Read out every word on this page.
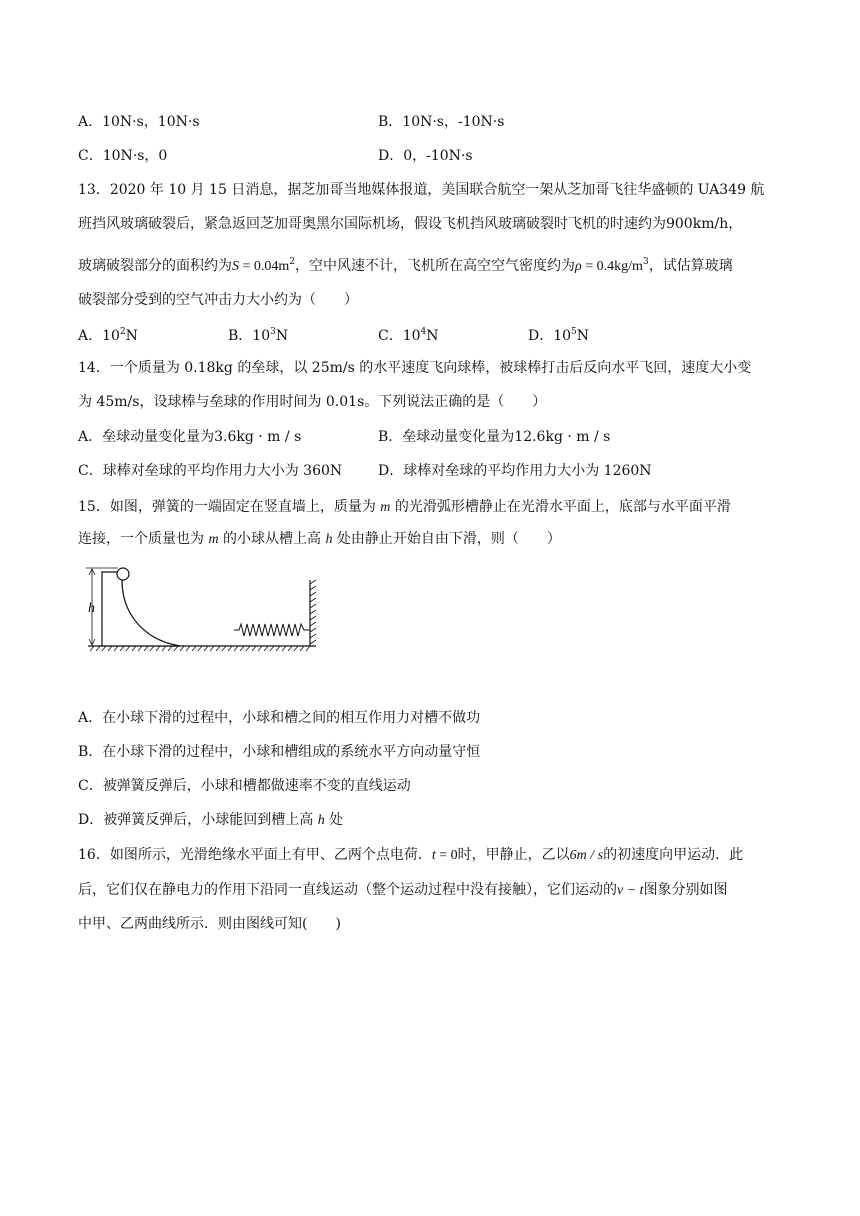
A．10N·s，10N·s	B．10N·s，-10N·s
C．10N·s，0	D．0，-10N·s
13．2020 年 10 月 15 日消息，据芝加哥当地媒体报道，美国联合航空一架从芝加哥飞往华盛顿的 UA349 航
班挡风玻璃破裂后，紧急返回芝加哥奥黑尔国际机场，假设飞机挡风玻璃破裂时飞机的时速约为900km/h，
玻璃破裂部分的面积约为$S = 0.04m^2$，空中风速不计，飞机所在高空空气密度约为$\rho = 0.4kg/m^3$，试估算玻璃
破裂部分受到的空气冲击力大小约为（　　）
A．$10^2N$	B．$10^3N$	C．$10^4N$	D．$10^5N$
14．一个质量为 0.18kg 的垒球，以 25m/s 的水平速度飞向球棒，被球棒打击后反向水平飞回，速度大小变
为 45m/s，设球棒与垒球的作用时间为 0.01s。下列说法正确的是（　　）
A．垒球动量变化量为3.6kg · m / s	B．垒球动量变化量为12.6kg · m / s
C．球棒对垒球的平均作用力大小为 360N	D．球棒对垒球的平均作用力大小为 1260N
15．如图，弹簧的一端固定在竖直墙上，质量为 m 的光滑弧形槽静止在光滑水平面上，底部与水平面平滑
连接，一个质量也为 m 的小球从槽上高 h 处由静止开始自由下滑，则（　　）
h
A．在小球下滑的过程中，小球和槽之间的相互作用力对槽不做功
B．在小球下滑的过程中，小球和槽组成的系统水平方向动量守恒
C．被弹簧反弹后，小球和槽都做速率不变的直线运动
D．被弹簧反弹后，小球能回到槽上高 h 处
16．如图所示，光滑绝缘水平面上有甲、乙两个点电荷．t = 0时，甲静止，乙以6m / s的初速度向甲运动．此
后，它们仅在静电力的作用下沿同一直线运动（整个运动过程中没有接触），它们运动的v − t图象分别如图
中甲、乙两曲线所示．则由图线可知(　　)
